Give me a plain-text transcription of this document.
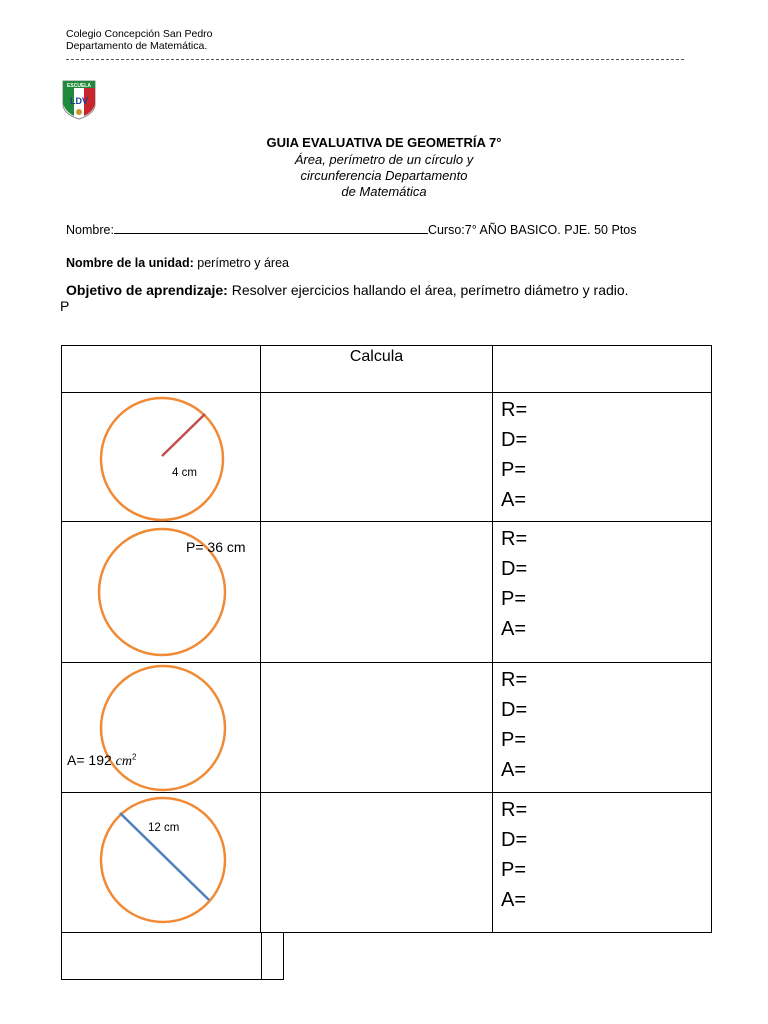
Colegio Concepción San Pedro
Departamento de Matemática.
ESCUELA
LDV
GUIA EVALUATIVA DE GEOMETRÍA 7°
Área, perímetro de un círculo y
circunferencia Departamento
de Matemática
Nombre:	Curso:7° AÑO BASICO. PJE. 50 Ptos
Nombre de la unidad: perímetro y área
Objetivo de aprendizaje: Resolver ejercicios hallando el área, perímetro diámetro y radio.
P

	Calcula	

4 cm		R=
D=
P=
A=

P= 36 cm		R=
D=
P=
A=

A= 192 $cm^2$		R=
D=
P=
A=

12 cm		R=
D=
P=
A=
